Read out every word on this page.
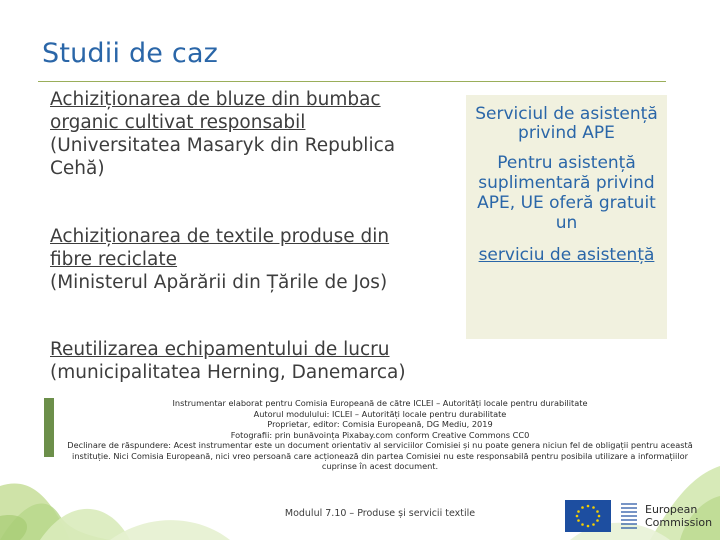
Studii de caz
Achiziționarea de bluze din bumbac organic cultivat responsabil
(Universitatea Masaryk din Republica Cehă)
Achiziționarea de textile produse din fibre reciclate
(Ministerul Apărării din Țările de Jos)
Reutilizarea echipamentului de lucru
(municipalitatea Herning, Danemarca)
Serviciul de asistență privind APE
Pentru asistență suplimentară privind APE, UE oferă gratuit un
serviciu de asistență
Instrumentar elaborat pentru Comisia Europeană de către ICLEI – Autorități locale pentru durabilitate
Autorul modulului: ICLEI – Autorități locale pentru durabilitate
Proprietar, editor: Comisia Europeană, DG Mediu, 2019
Fotografii: prin bunăvoința Pixabay.com conform Creative Commons CC0
Declinare de răspundere: Acest instrumentar este un document orientativ al serviciilor Comisiei și nu poate genera niciun fel de obligații pentru această instituție. Nici Comisia Europeană, nici vreo persoană care acționează din partea Comisiei nu este responsabilă pentru posibila utilizare a informațiilor cuprinse în acest document.
Modulul 7.10 – Produse și servicii textile	European
Commission
